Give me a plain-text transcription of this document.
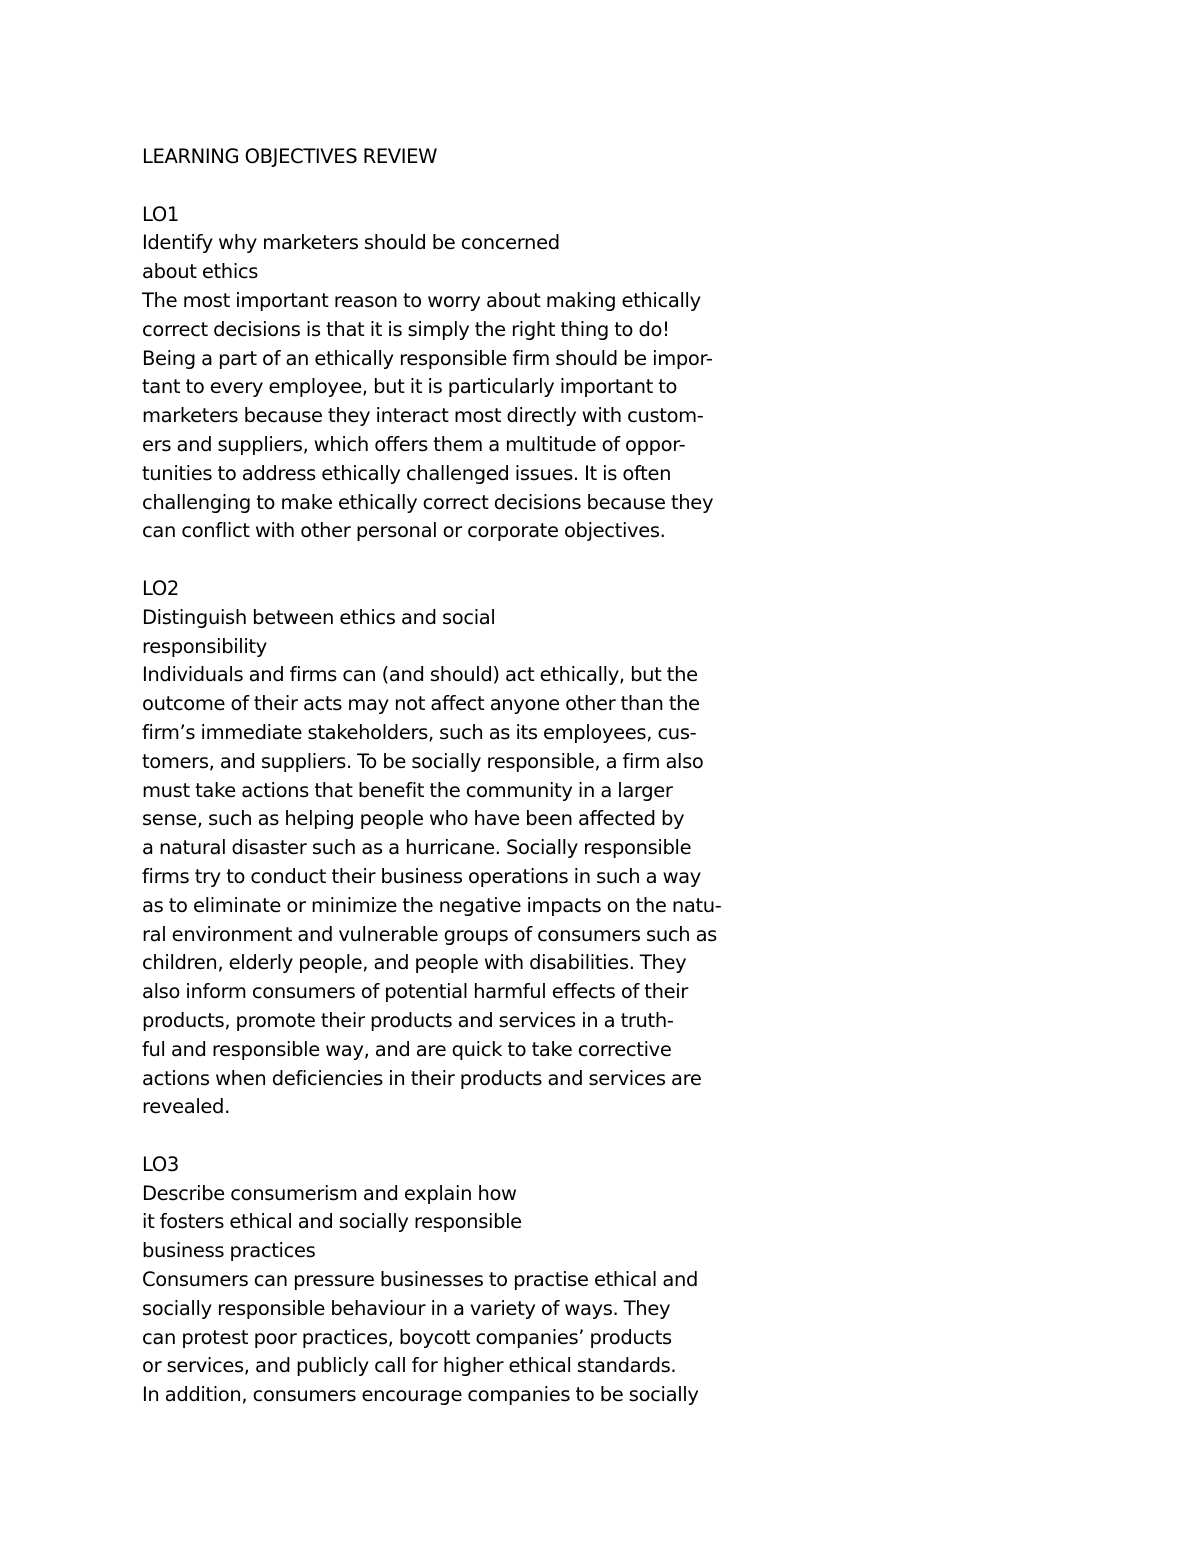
LEARNING OBJECTIVES REVIEW
LO1
Identify why marketers should be concerned
about ethics
The most important reason to worry about making ethically
correct decisions is that it is simply the right thing to do!
Being a part of an ethically responsible firm should be impor-
tant to every employee, but it is particularly important to
marketers because they interact most directly with custom-
ers and suppliers, which offers them a multitude of oppor-
tunities to address ethically challenged issues. It is often
challenging to make ethically correct decisions because they
can conflict with other personal or corporate objectives.
LO2
Distinguish between ethics and social
responsibility
Individuals and firms can (and should) act ethically, but the
outcome of their acts may not affect anyone other than the
firm’s immediate stakeholders, such as its employees, cus-
tomers, and suppliers. To be socially responsible, a firm also
must take actions that benefit the community in a larger
sense, such as helping people who have been affected by
a natural disaster such as a hurricane. Socially responsible
firms try to conduct their business operations in such a way
as to eliminate or minimize the negative impacts on the natu-
ral environment and vulnerable groups of consumers such as
children, elderly people, and people with disabilities. They
also inform consumers of potential harmful effects of their
products, promote their products and services in a truth-
ful and responsible way, and are quick to take corrective
actions when deficiencies in their products and services are
revealed.
LO3
Describe consumerism and explain how
it fosters ethical and socially responsible
business practices
Consumers can pressure businesses to practise ethical and
socially responsible behaviour in a variety of ways. They
can protest poor practices, boycott companies’ products
or services, and publicly call for higher ethical standards.
In addition, consumers encourage companies to be socially
